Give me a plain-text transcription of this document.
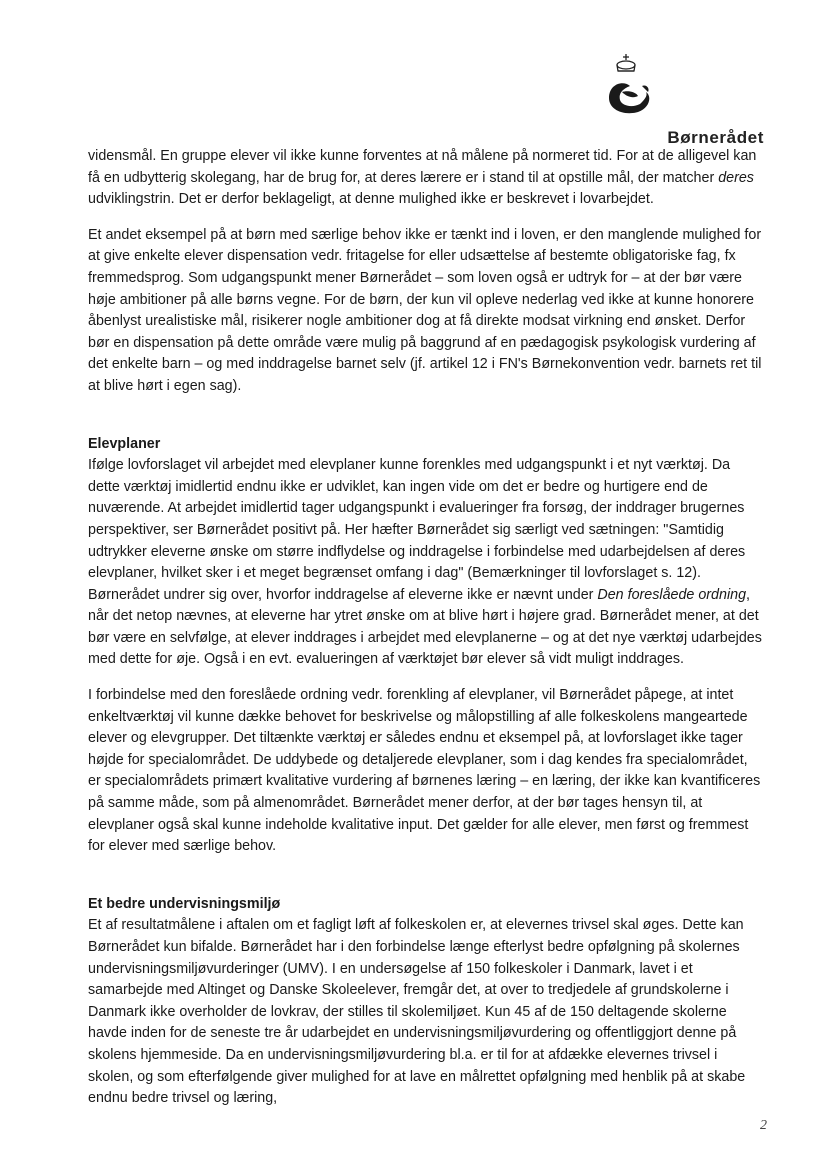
Børnerådet

vidensmål. En gruppe elever vil ikke kunne forventes at nå målene på normeret tid. For at de alligevel kan få en udbytterig skolegang, har de brug for, at deres lærere er i stand til at opstille mål, der matcher deres udviklingstrin. Det er derfor beklageligt, at denne mulighed ikke er beskrevet i lovarbejdet.

Et andet eksempel på at børn med særlige behov ikke er tænkt ind i loven, er den manglende mulighed for at give enkelte elever dispensation vedr. fritagelse for eller udsættelse af bestemte obligatoriske fag, fx fremmedsprog. Som udgangspunkt mener Børnerådet – som loven også er udtryk for – at der bør være høje ambitioner på alle børns vegne. For de børn, der kun vil opleve nederlag ved ikke at kunne honorere åbenlyst urealistiske mål, risikerer nogle ambitioner dog at få direkte modsat virkning end ønsket. Derfor bør en dispensation på dette område være mulig på baggrund af en pædagogisk psykologisk vurdering af det enkelte barn – og med inddragelse barnet selv (jf. artikel 12 i FN's Børnekonvention vedr. barnets ret til at blive hørt i egen sag).

Elevplaner

Ifølge lovforslaget vil arbejdet med elevplaner kunne forenkles med udgangspunkt i et nyt værktøj. Da dette værktøj imidlertid endnu ikke er udviklet, kan ingen vide om det er bedre og hurtigere end de nuværende. At arbejdet imidlertid tager udgangspunkt i evalueringer fra forsøg, der inddrager brugernes perspektiver, ser Børnerådet positivt på. Her hæfter Børnerådet sig særligt ved sætningen: "Samtidig udtrykker eleverne ønske om større indflydelse og inddragelse i forbindelse med udarbejdelsen af deres elevplaner, hvilket sker i et meget begrænset omfang i dag" (Bemærkninger til lovforslaget s. 12). Børnerådet undrer sig over, hvorfor inddragelse af eleverne ikke er nævnt under Den foreslåede ordning, når det netop nævnes, at eleverne har ytret ønske om at blive hørt i højere grad. Børnerådet mener, at det bør være en selvfølge, at elever inddrages i arbejdet med elevplanerne – og at det nye værktøj udarbejdes med dette for øje. Også i en evt. evalueringen af værktøjet bør elever så vidt muligt inddrages.

I forbindelse med den foreslåede ordning vedr. forenkling af elevplaner, vil Børnerådet påpege, at intet enkeltværktøj vil kunne dække behovet for beskrivelse og målopstilling af alle folkeskolens mangeartede elever og elevgrupper. Det tiltænkte værktøj er således endnu et eksempel på, at lovforslaget ikke tager højde for specialområdet. De uddybede og detaljerede elevplaner, som i dag kendes fra specialområdet, er specialområdets primært kvalitative vurdering af børnenes læring – en læring, der ikke kan kvantificeres på samme måde, som på almenområdet. Børnerådet mener derfor, at der bør tages hensyn til, at elevplaner også skal kunne indeholde kvalitative input. Det gælder for alle elever, men først og fremmest for elever med særlige behov.

Et bedre undervisningsmiljø

Et af resultatmålene i aftalen om et fagligt løft af folkeskolen er, at elevernes trivsel skal øges. Dette kan Børnerådet kun bifalde. Børnerådet har i den forbindelse længe efterlyst bedre opfølgning på skolernes undervisningsmiljøvurderinger (UMV). I en undersøgelse af 150 folkeskoler i Danmark, lavet i et samarbejde med Altinget og Danske Skoleelever, fremgår det, at over to tredjedele af grundskolerne i Danmark ikke overholder de lovkrav, der stilles til skolemiljøet. Kun 45 af de 150 deltagende skolerne havde inden for de seneste tre år udarbejdet en undervisningsmiljøvurdering og offentliggjort denne på skolens hjemmeside. Da en undervisningsmiljøvurdering bl.a. er til for at afdække elevernes trivsel i skolen, og som efterfølgende giver mulighed for at lave en målrettet opfølgning med henblik på at skabe endnu bedre trivsel og læring,

2
